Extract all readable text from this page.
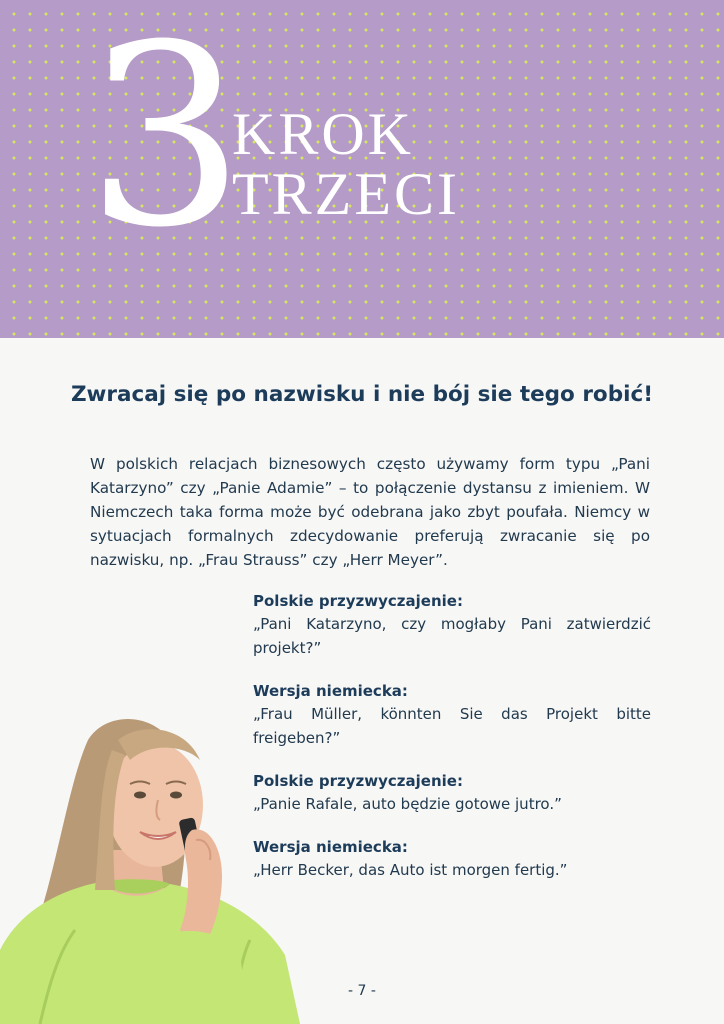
3
KROK
TRZECI
Zwracaj się po nazwisku i nie bój sie tego robić!

W polskich relacjach biznesowych często używamy form typu „Pani Katarzyno” czy „Panie Adamie” – to połączenie dystansu z imieniem. W Niemczech taka forma może być odebrana jako zbyt poufała. Niemcy w sytuacjach formalnych zdecydowanie preferują zwracanie się po nazwisku, np. „Frau Strauss” czy „Herr Meyer”.

Polskie przyzwyczajenie:
„Pani Katarzyno, czy mogłaby Pani zatwierdzić projekt?”
Wersja niemiecka:
„Frau Müller, könnten Sie das Projekt bitte freigeben?”
Polskie przyzwyczajenie:
„Panie Rafale, auto będzie gotowe jutro.”
Wersja niemiecka:
„Herr Becker, das Auto ist morgen fertig.”
- 7 -
